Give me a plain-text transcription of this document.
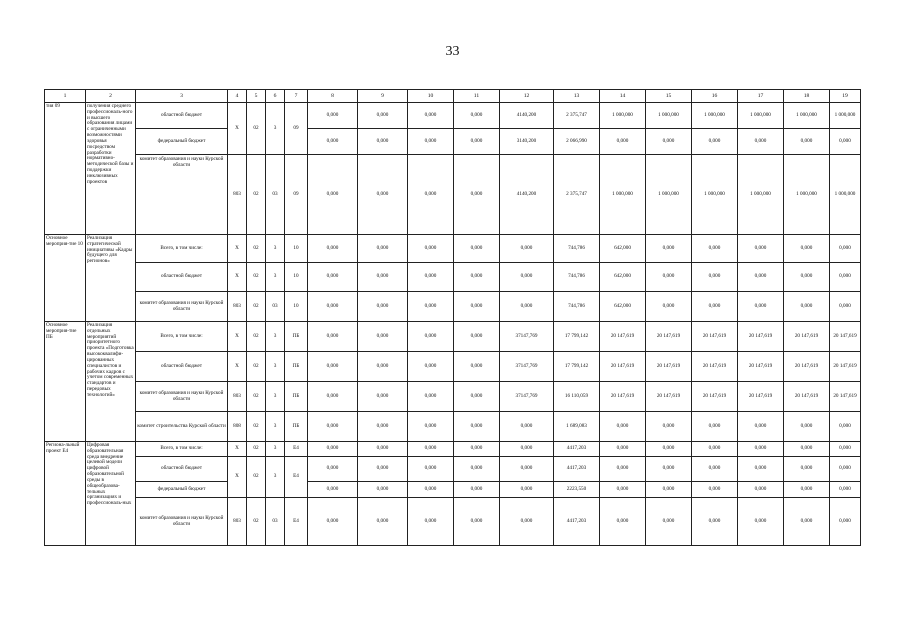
33
1	2	3	4	5	6	7	8	9	10	11	12	13	14	15	16	17	18	19
тия 09	получения среднего профессиональ-ного и высшего образования лицами с ограниченными возможностями здоровья посредством разработки нормативно-методической базы и поддержки инклюзивных проектов	областной бюджет	X	02	3	09	0,000	0,000	0,000	0,000	4140,200	2 375,747	1 000,000	1 000,000	1 000,000	1 000,000	1 000,000	1 000,000
		федеральный бюджет					0,000	0,000	0,000	0,000	3140,200	2 066,990	0,000	0,000	0,000	0,000	0,000	0,000
		комитет образования и науки Курской области	803	02	03	09	0,000	0,000	0,000	0,000	4140,200	2 375,747	1 000,000	1 000,000	1 000,000	1 000,000	1 000,000	1 000,000
Основное мероприя-тие 10	Реализация стратегической инициативы «Кадры будущего для регионов»	Всего, в том числе:	X	02	3	10	0,000	0,000	0,000	0,000	0,000	744,786	642,000	0,000	0,000	0,000	0,000	0,000
		областной бюджет	X	02	3	10	0,000	0,000	0,000	0,000	0,000	744,786	642,000	0,000	0,000	0,000	0,000	0,000
		комитет образования и науки Курской области	803	02	03	10	0,000	0,000	0,000	0,000	0,000	744,786	642,000	0,000	0,000	0,000	0,000	0,000
Основное мероприя-тие ПБ	Реализация отдельных мероприятий приоритетного проекта «Подготовка высококвалифи-цированных специалистов и рабочих кадров с учетом современных стандартов и передовых технологий»	Всего, в том числе:	X	02	3	ПБ	0,000	0,000	0,000	0,000	37147,769	17 799,142	20 147,619	20 147,619	20 147,619	20 147,619	20 147,619	20 147,619
		областной бюджет	X	02	3	ПБ	0,000	0,000	0,000	0,000	37147,769	17 799,142	20 147,619	20 147,619	20 147,619	20 147,619	20 147,619	20 147,619
		комитет образования и науки Курской области	803	02	3	ПБ	0,000	0,000	0,000	0,000	37147,769	16 110,059	20 147,619	20 147,619	20 147,619	20 147,619	20 147,619	20 147,619
		комитет строительства Курской области	808	02	3	ПБ	0,000	0,000	0,000	0,000	0,000	1 689,083	0,000	0,000	0,000	0,000	0,000	0,000
Регионa-льный проект Е4	Цифровая образовательная среда внедрение целевой модели цифровой образовательной среды в общеобразова-тельных организациях и профессиональ-ных	Всего, в том числе:	X	02	3	Е4	0,000	0,000	0,000	0,000	0,000	4417,203	0,000	0,000	0,000	0,000	0,000	0,000
		областной бюджет	X	02	3	Е4	0,000	0,000	0,000	0,000	0,000	4417,203	0,000	0,000	0,000	0,000	0,000	0,000
		федеральный бюджет					0,000	0,000	0,000	0,000	0,000	2223,550	0,000	0,000	0,000	0,000	0,000	0,000
		комитет образования и науки Курской области	803	02	03	Е4	0,000	0,000	0,000	0,000	0,000	4417,203	0,000	0,000	0,000	0,000	0,000	0,000
